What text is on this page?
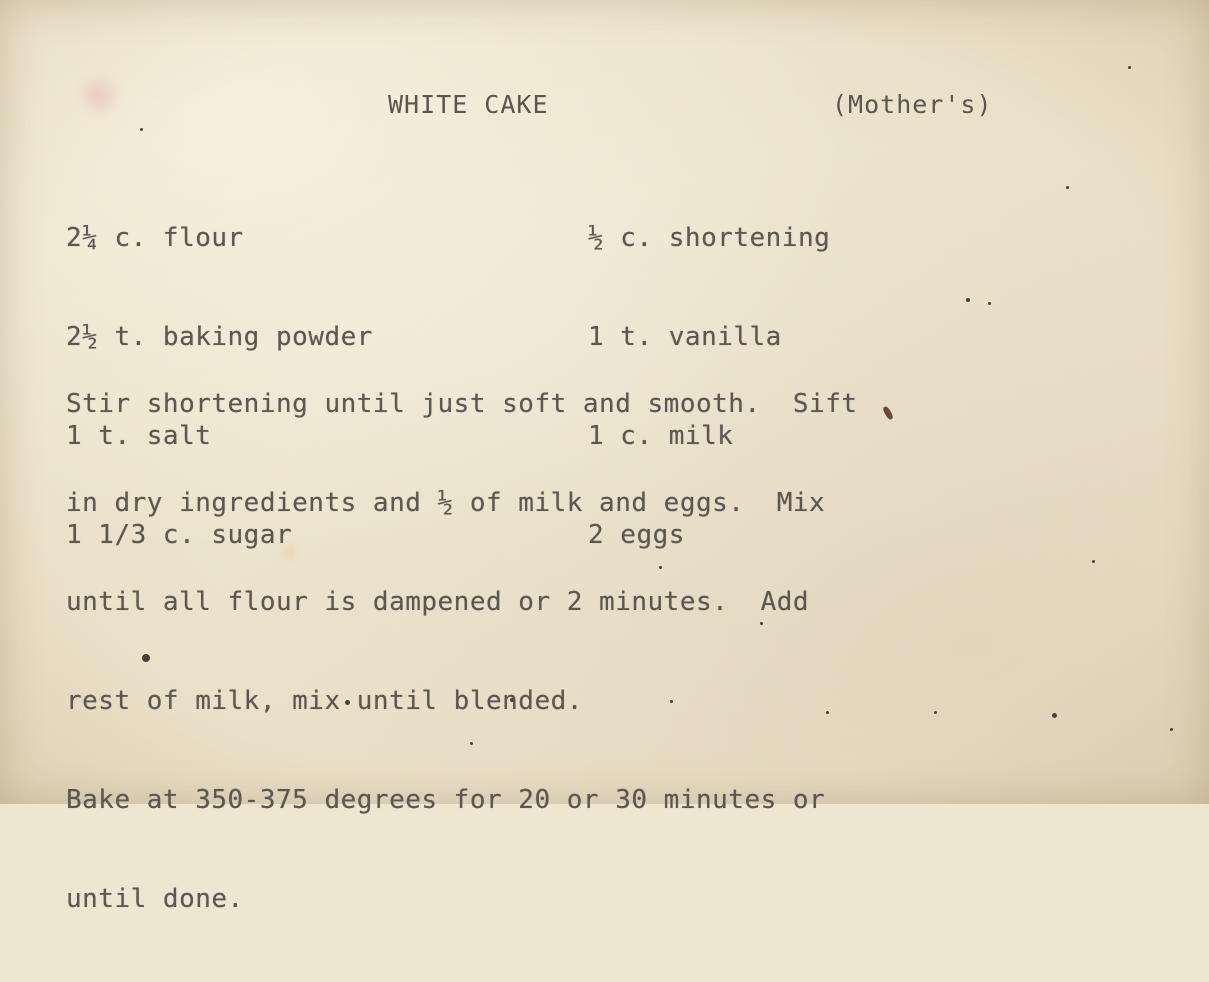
WHITE CAKE	(Mother's)

2¼ c. flour

2½ t. baking powder

1 t. salt

1 1/3 c. sugar

½ c. shortening

1 t. vanilla

1 c. milk

2 eggs

Stir shortening until just soft and smooth.  Sift

in dry ingredients and ½ of milk and eggs.  Mix

until all flour is dampened or 2 minutes.  Add

rest of milk, mix until blended.

Bake at 350-375 degrees for 20 or 30 minutes or

until done.
